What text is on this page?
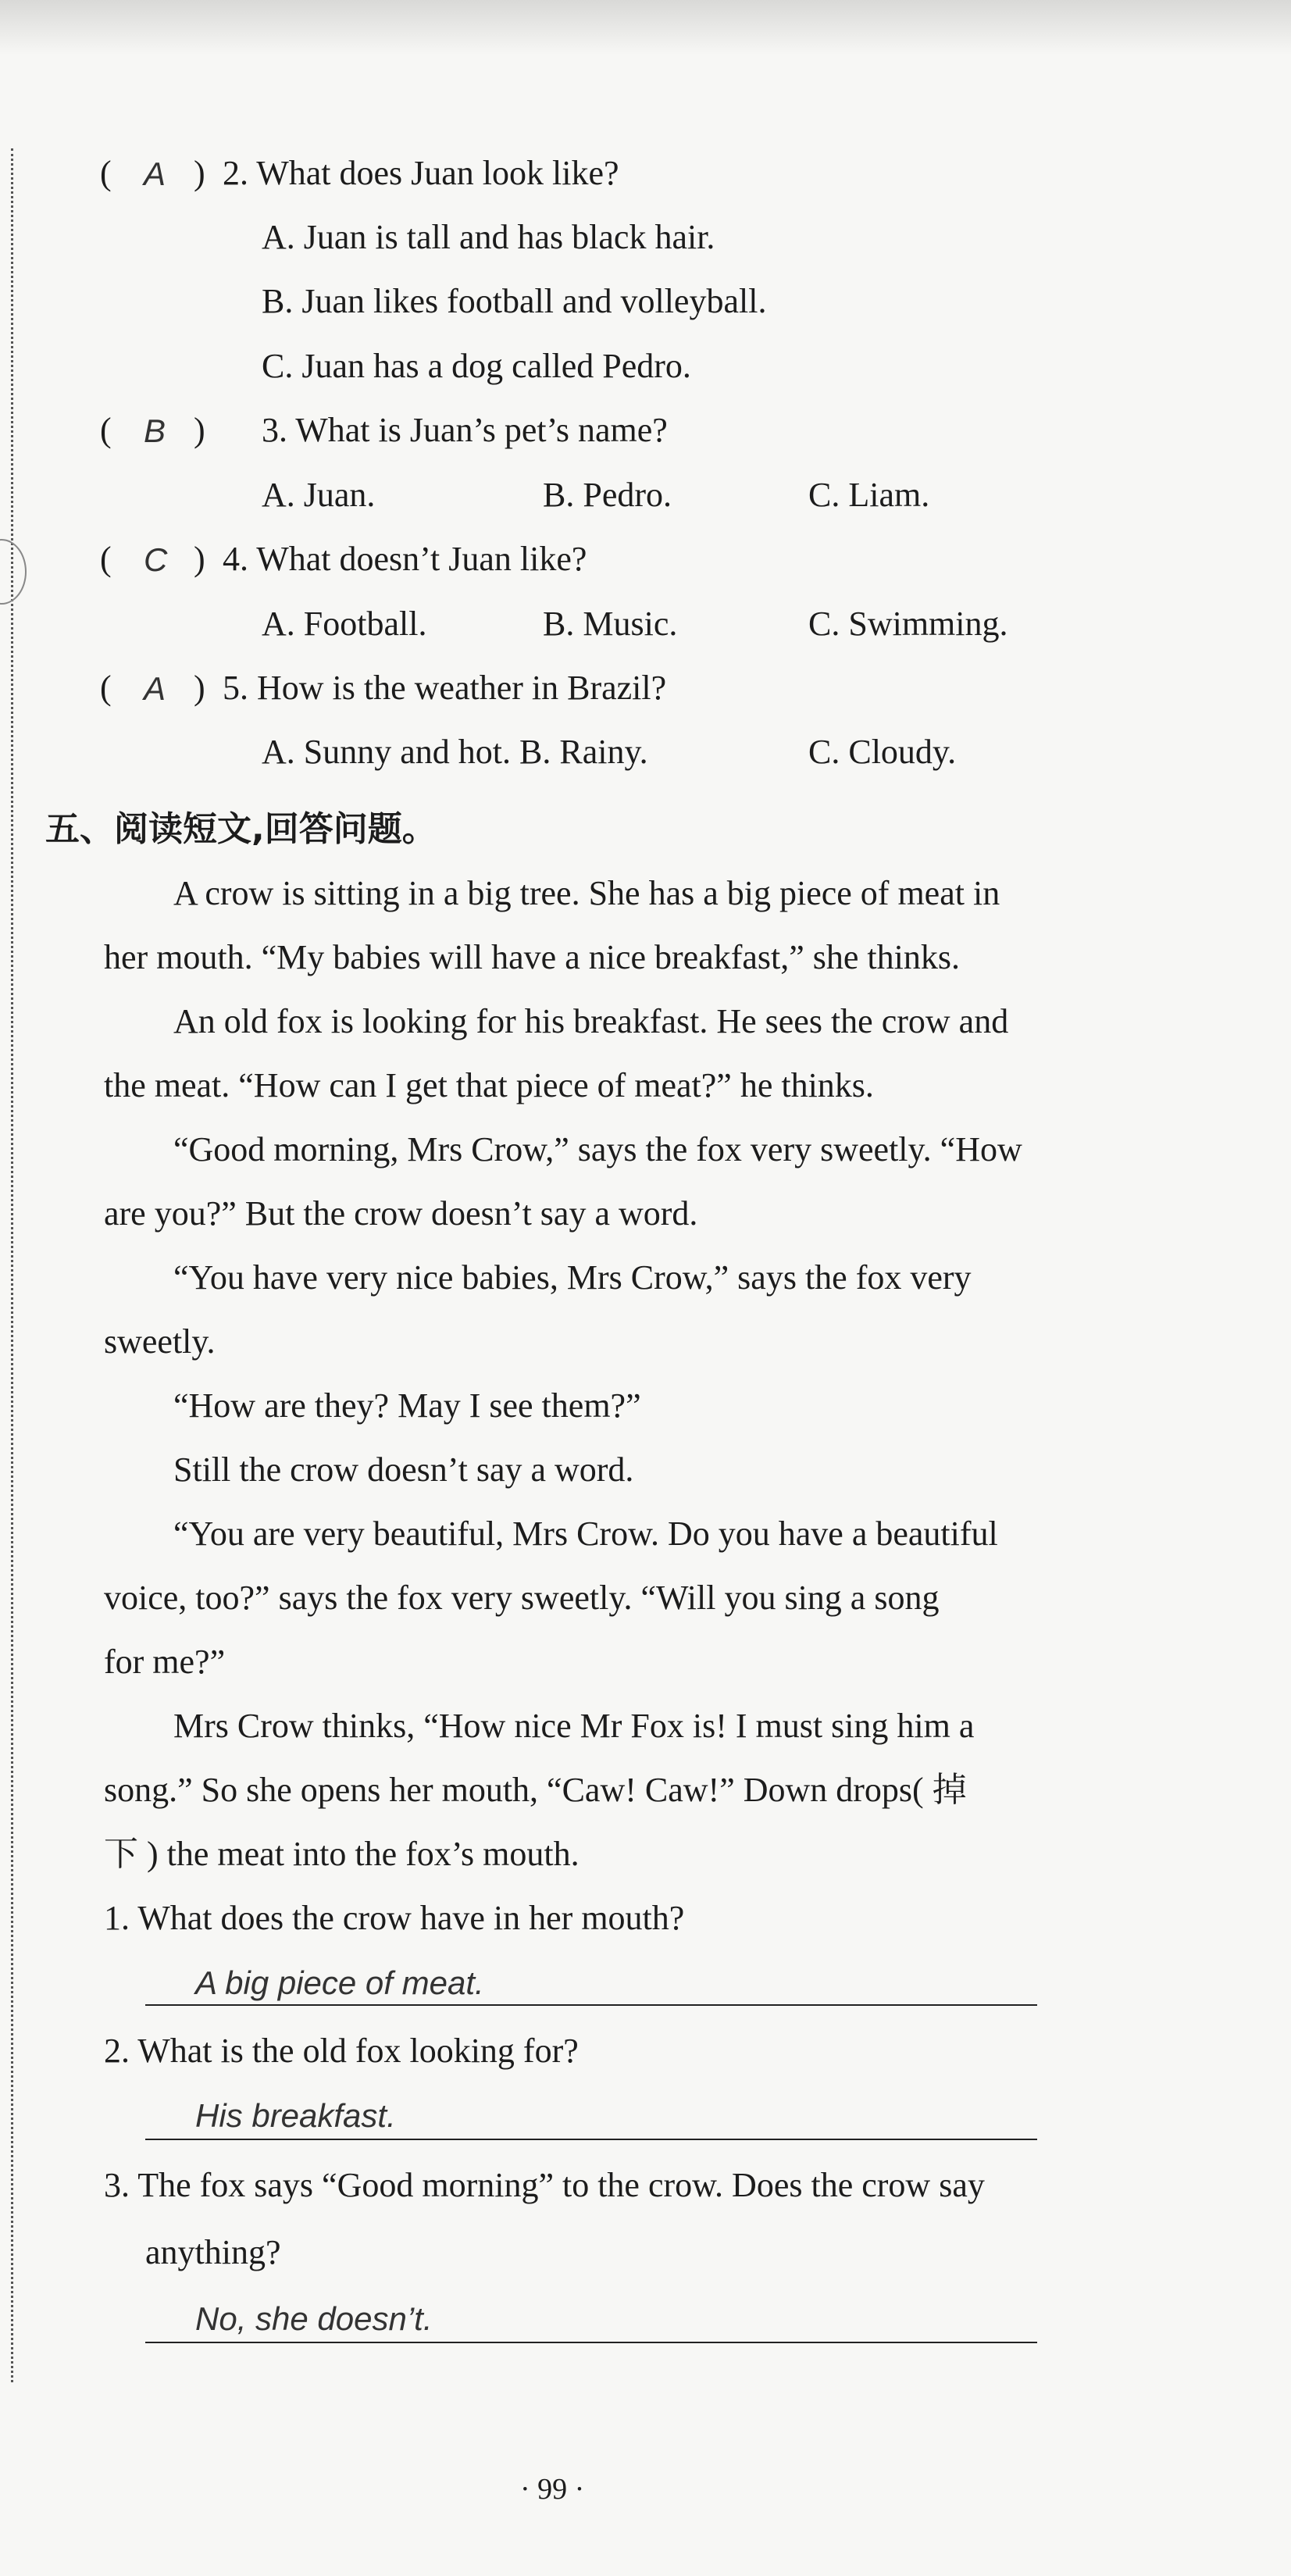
( A ) 2. What does Juan look like?
A. Juan is tall and has black hair.
B. Juan likes football and volleyball.
C. Juan has a dog called Pedro.
( B ) 3. What is Juan’s pet’s name?
A. Juan.	B. Pedro.	C. Liam.
( C ) 4. What doesn’t Juan like?
A. Football.	B. Music.	C. Swimming.
( A ) 5. How is the weather in Brazil?
A. Sunny and hot. B. Rainy.	C. Cloudy.
五、阅读短文,回答问题。
A crow is sitting in a big tree. She has a big piece of meat in
her mouth. “My babies will have a nice breakfast,” she thinks.
An old fox is looking for his breakfast. He sees the crow and
the meat. “How can I get that piece of meat?” he thinks.
“Good morning, Mrs Crow,” says the fox very sweetly. “How
are you?” But the crow doesn’t say a word.
“You have very nice babies, Mrs Crow,” says the fox very
sweetly.
“How are they? May I see them?”
Still the crow doesn’t say a word.
“You are very beautiful, Mrs Crow. Do you have a beautiful
voice, too?” says the fox very sweetly. “Will you sing a song
for me?”
Mrs Crow thinks, “How nice Mr Fox is! I must sing him a
song.” So she opens her mouth, “Caw! Caw!” Down drops( 掉
下 ) the meat into the fox’s mouth.
1. What does the crow have in her mouth?
A big piece of meat.
2. What is the old fox looking for?
His breakfast.
3. The fox says “Good morning” to the crow. Does the crow say
anything?
No, she doesn’t.
· 99 ·
